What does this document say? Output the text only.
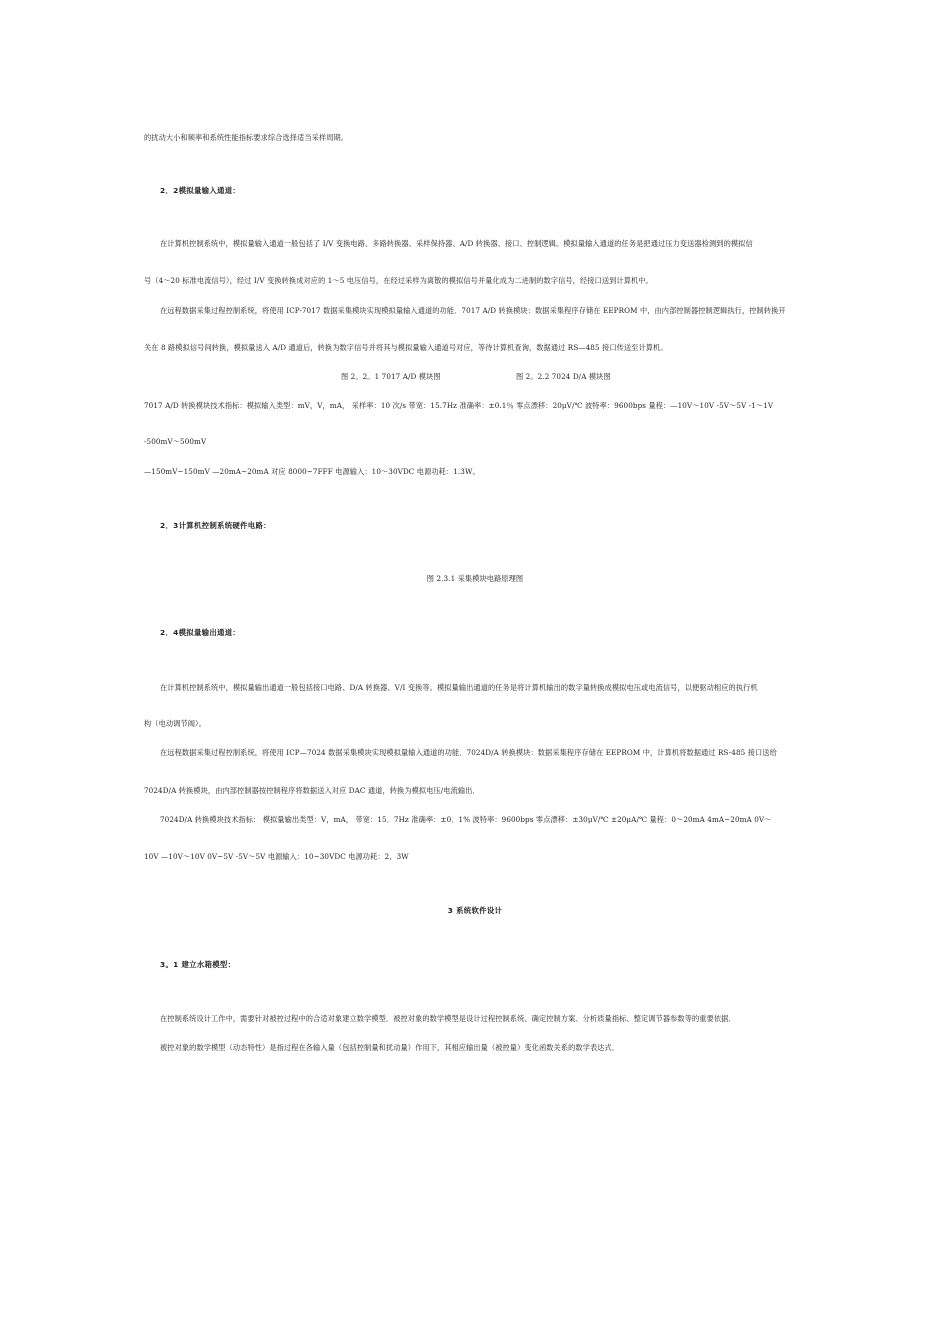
的扰动大小和频率和系统性能指标要求综合选择适当采样周期。
2．2模拟量输入通道：
在计算机控制系统中，模拟量输入通道一般包括了 I/V 变换电路、多路转换器、采样保持器、A/D 转换器、接口、控制逻辑。模拟量输入通道的任务是把通过压力变送器检测到的模拟信
号（4～20 标准电流信号），经过 I/V 变换转换成对应的 1～5 电压信号，在经过采样为离散的模拟信号并量化成为二进制的数字信号，经接口送到计算机中。
在远程数据采集过程控制系统，将使用 ICP-7017 数据采集模块实现模拟量输入通道的功能．7017 A/D 转换模块：数据采集程序存储在 EEPROM 中，由内部控制器控制逻辑执行，控制转换开
关在 8 路模拟信号间转换，模拟量送入 A/D 通道后，转换为数字信号并将其与模拟量输入通道号对应，等待计算机查询，数据通过 RS—485 接口传送至计算机。
图 2。2。1 7017 A/D 模块图	图 2。2.2 7024 D/A 模块图
7017 A/D 转换模块技术指标：模拟输入类型：mV，V，mA， 采样率：10 次/s 带宽：15.7Hz 准确率：±0.1％ 零点漂移：20μV/℃ 波特率：9600bps 量程：—10V～10V -5V～5V -1～1V
-500mV～500mV
—150mV~150mV —20mA~20mA 对应 8000~7FFF 电源输入：10～30VDC 电源功耗：1.3W。
2．3计算机控制系统硬件电路：
图 2.3.1 采集模块电路原理图
2．4模拟量输出通道：
在计算机控制系统中，模拟量输出通道一般包括接口电路、D/A 转换器、V/I 变换等。模拟量输出通道的任务是将计算机输出的数字量转换成模拟电压或电流信号，以便驱动相应的执行机
构（电动调节阀）。
在远程数据采集过程控制系统，将使用 ICP—7024 数据采集模块实现模拟量输入通道的功能．7024D/A 转换模块：数据采集程序存储在 EEPROM 中，计算机将数据通过 RS-485 接口送给
7024D/A 转换模块，由内部控制器按控制程序将数据送入对应 DAC 通道，转换为模拟电压/电流输出．
7024D/A 转换模块技术指标： 模拟量输出类型：V，mA， 带宽：15．7Hz 准确率：±0．1% 波特率：9600bps 零点漂移：±30μV/℃ ±20μA/℃ 量程：0～20mA 4mA~20mA 0V～
10V —10V～10V 0V~5V -5V～5V 电源输入：10~30VDC 电源功耗：2．3W
3 系统软件设计
3。1 建立水箱模型：
在控制系统设计工作中，需要针对被控过程中的合适对象建立数学模型．被控对象的数学模型是设计过程控制系统、确定控制方案、分析质量指标、整定调节器参数等的重要依据．
被控对象的数学模型（动态特性）是指过程在各输入量（包括控制量和扰动量）作用下，其相应输出量（被控量）变化函数关系的数学表达式．
